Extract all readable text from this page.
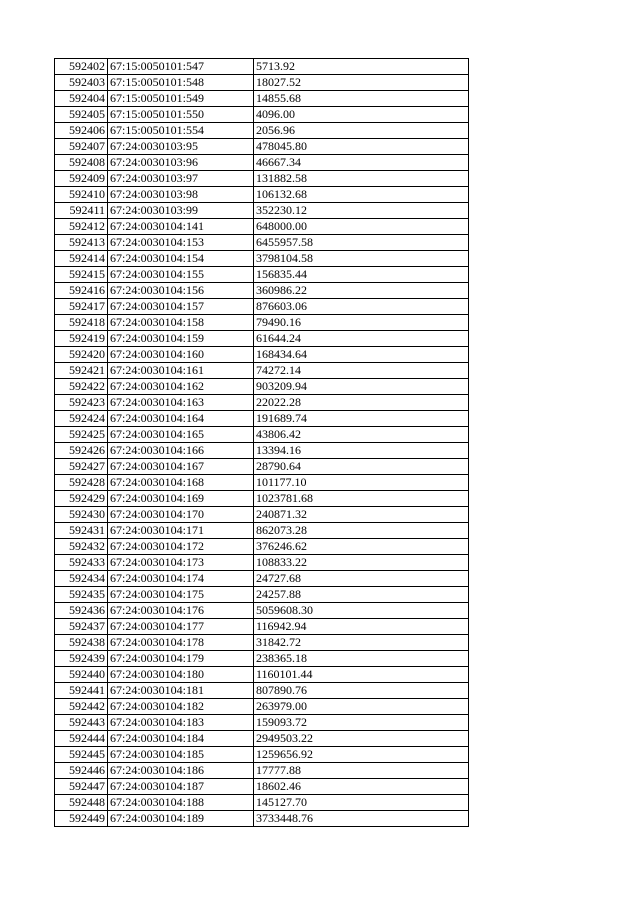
592402	67:15:0050101:547	5713.92
592403	67:15:0050101:548	18027.52
592404	67:15:0050101:549	14855.68
592405	67:15:0050101:550	4096.00
592406	67:15:0050101:554	2056.96
592407	67:24:0030103:95	478045.80
592408	67:24:0030103:96	46667.34
592409	67:24:0030103:97	131882.58
592410	67:24:0030103:98	106132.68
592411	67:24:0030103:99	352230.12
592412	67:24:0030104:141	648000.00
592413	67:24:0030104:153	6455957.58
592414	67:24:0030104:154	3798104.58
592415	67:24:0030104:155	156835.44
592416	67:24:0030104:156	360986.22
592417	67:24:0030104:157	876603.06
592418	67:24:0030104:158	79490.16
592419	67:24:0030104:159	61644.24
592420	67:24:0030104:160	168434.64
592421	67:24:0030104:161	74272.14
592422	67:24:0030104:162	903209.94
592423	67:24:0030104:163	22022.28
592424	67:24:0030104:164	191689.74
592425	67:24:0030104:165	43806.42
592426	67:24:0030104:166	13394.16
592427	67:24:0030104:167	28790.64
592428	67:24:0030104:168	101177.10
592429	67:24:0030104:169	1023781.68
592430	67:24:0030104:170	240871.32
592431	67:24:0030104:171	862073.28
592432	67:24:0030104:172	376246.62
592433	67:24:0030104:173	108833.22
592434	67:24:0030104:174	24727.68
592435	67:24:0030104:175	24257.88
592436	67:24:0030104:176	5059608.30
592437	67:24:0030104:177	116942.94
592438	67:24:0030104:178	31842.72
592439	67:24:0030104:179	238365.18
592440	67:24:0030104:180	1160101.44
592441	67:24:0030104:181	807890.76
592442	67:24:0030104:182	263979.00
592443	67:24:0030104:183	159093.72
592444	67:24:0030104:184	2949503.22
592445	67:24:0030104:185	1259656.92
592446	67:24:0030104:186	17777.88
592447	67:24:0030104:187	18602.46
592448	67:24:0030104:188	145127.70
592449	67:24:0030104:189	3733448.76
